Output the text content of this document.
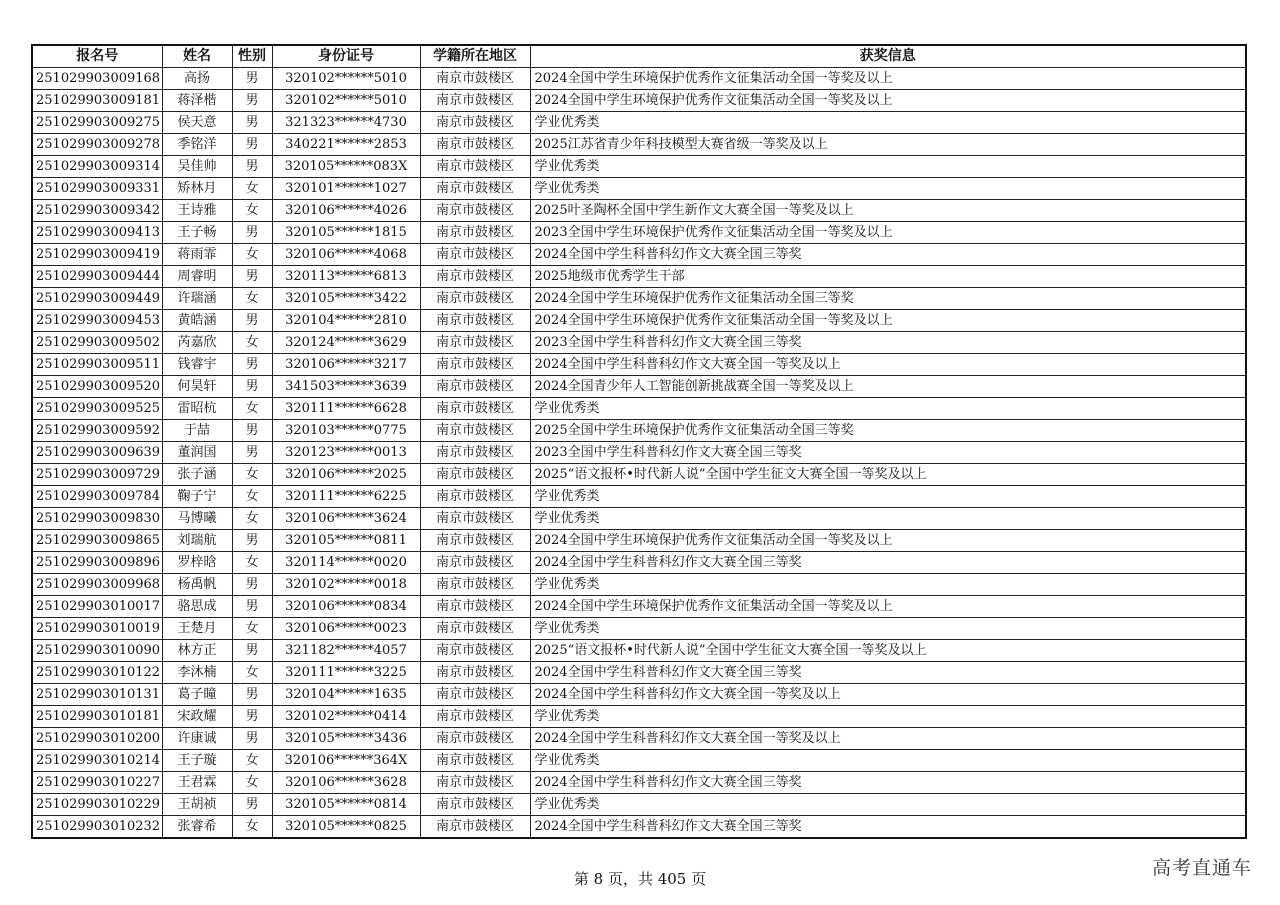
报名号	姓名	性别	身份证号	学籍所在地区	获奖信息
251029903009168	高扬	男	320102******5010	南京市鼓楼区	2024全国中学生环境保护优秀作文征集活动全国一等奖及以上
251029903009181	蒋泽楷	男	320102******5010	南京市鼓楼区	2024全国中学生环境保护优秀作文征集活动全国一等奖及以上
251029903009275	侯天意	男	321323******4730	南京市鼓楼区	学业优秀类
251029903009278	季铭洋	男	340221******2853	南京市鼓楼区	2025江苏省青少年科技模型大赛省级一等奖及以上
251029903009314	吴佳帅	男	320105******083X	南京市鼓楼区	学业优秀类
251029903009331	矫林月	女	320101******1027	南京市鼓楼区	学业优秀类
251029903009342	王诗雅	女	320106******4026	南京市鼓楼区	2025叶圣陶杯全国中学生新作文大赛全国一等奖及以上
251029903009413	王子畅	男	320105******1815	南京市鼓楼区	2023全国中学生环境保护优秀作文征集活动全国一等奖及以上
251029903009419	蒋雨霏	女	320106******4068	南京市鼓楼区	2024全国中学生科普科幻作文大赛全国三等奖
251029903009444	周睿明	男	320113******6813	南京市鼓楼区	2025地级市优秀学生干部
251029903009449	许瑞涵	女	320105******3422	南京市鼓楼区	2024全国中学生环境保护优秀作文征集活动全国三等奖
251029903009453	黄皓涵	男	320104******2810	南京市鼓楼区	2024全国中学生环境保护优秀作文征集活动全国一等奖及以上
251029903009502	芮嘉欣	女	320124******3629	南京市鼓楼区	2023全国中学生科普科幻作文大赛全国三等奖
251029903009511	钱睿宇	男	320106******3217	南京市鼓楼区	2024全国中学生科普科幻作文大赛全国一等奖及以上
251029903009520	何昊轩	男	341503******3639	南京市鼓楼区	2024全国青少年人工智能创新挑战赛全国一等奖及以上
251029903009525	雷昭杭	女	320111******6628	南京市鼓楼区	学业优秀类
251029903009592	于喆	男	320103******0775	南京市鼓楼区	2025全国中学生环境保护优秀作文征集活动全国三等奖
251029903009639	董润国	男	320123******0013	南京市鼓楼区	2023全国中学生科普科幻作文大赛全国三等奖
251029903009729	张子涵	女	320106******2025	南京市鼓楼区	2025“语文报杯•时代新人说”全国中学生征文大赛全国一等奖及以上
251029903009784	鞠子宁	女	320111******6225	南京市鼓楼区	学业优秀类
251029903009830	马博曦	女	320106******3624	南京市鼓楼区	学业优秀类
251029903009865	刘瑞航	男	320105******0811	南京市鼓楼区	2024全国中学生环境保护优秀作文征集活动全国一等奖及以上
251029903009896	罗梓晗	女	320114******0020	南京市鼓楼区	2024全国中学生科普科幻作文大赛全国三等奖
251029903009968	杨禹帆	男	320102******0018	南京市鼓楼区	学业优秀类
251029903010017	骆思成	男	320106******0834	南京市鼓楼区	2024全国中学生环境保护优秀作文征集活动全国一等奖及以上
251029903010019	王楚月	女	320106******0023	南京市鼓楼区	学业优秀类
251029903010090	林方正	男	321182******4057	南京市鼓楼区	2025“语文报杯•时代新人说”全国中学生征文大赛全国一等奖及以上
251029903010122	李沐楠	女	320111******3225	南京市鼓楼区	2024全国中学生科普科幻作文大赛全国三等奖
251029903010131	葛子瞳	男	320104******1635	南京市鼓楼区	2024全国中学生科普科幻作文大赛全国一等奖及以上
251029903010181	宋政耀	男	320102******0414	南京市鼓楼区	学业优秀类
251029903010200	许康诚	男	320105******3436	南京市鼓楼区	2024全国中学生科普科幻作文大赛全国一等奖及以上
251029903010214	王子璇	女	320106******364X	南京市鼓楼区	学业优秀类
251029903010227	王君霖	女	320106******3628	南京市鼓楼区	2024全国中学生科普科幻作文大赛全国三等奖
251029903010229	王胡祯	男	320105******0814	南京市鼓楼区	学业优秀类
251029903010232	张睿希	女	320105******0825	南京市鼓楼区	2024全国中学生科普科幻作文大赛全国三等奖
第 8 页，共 405 页	高考直通车
